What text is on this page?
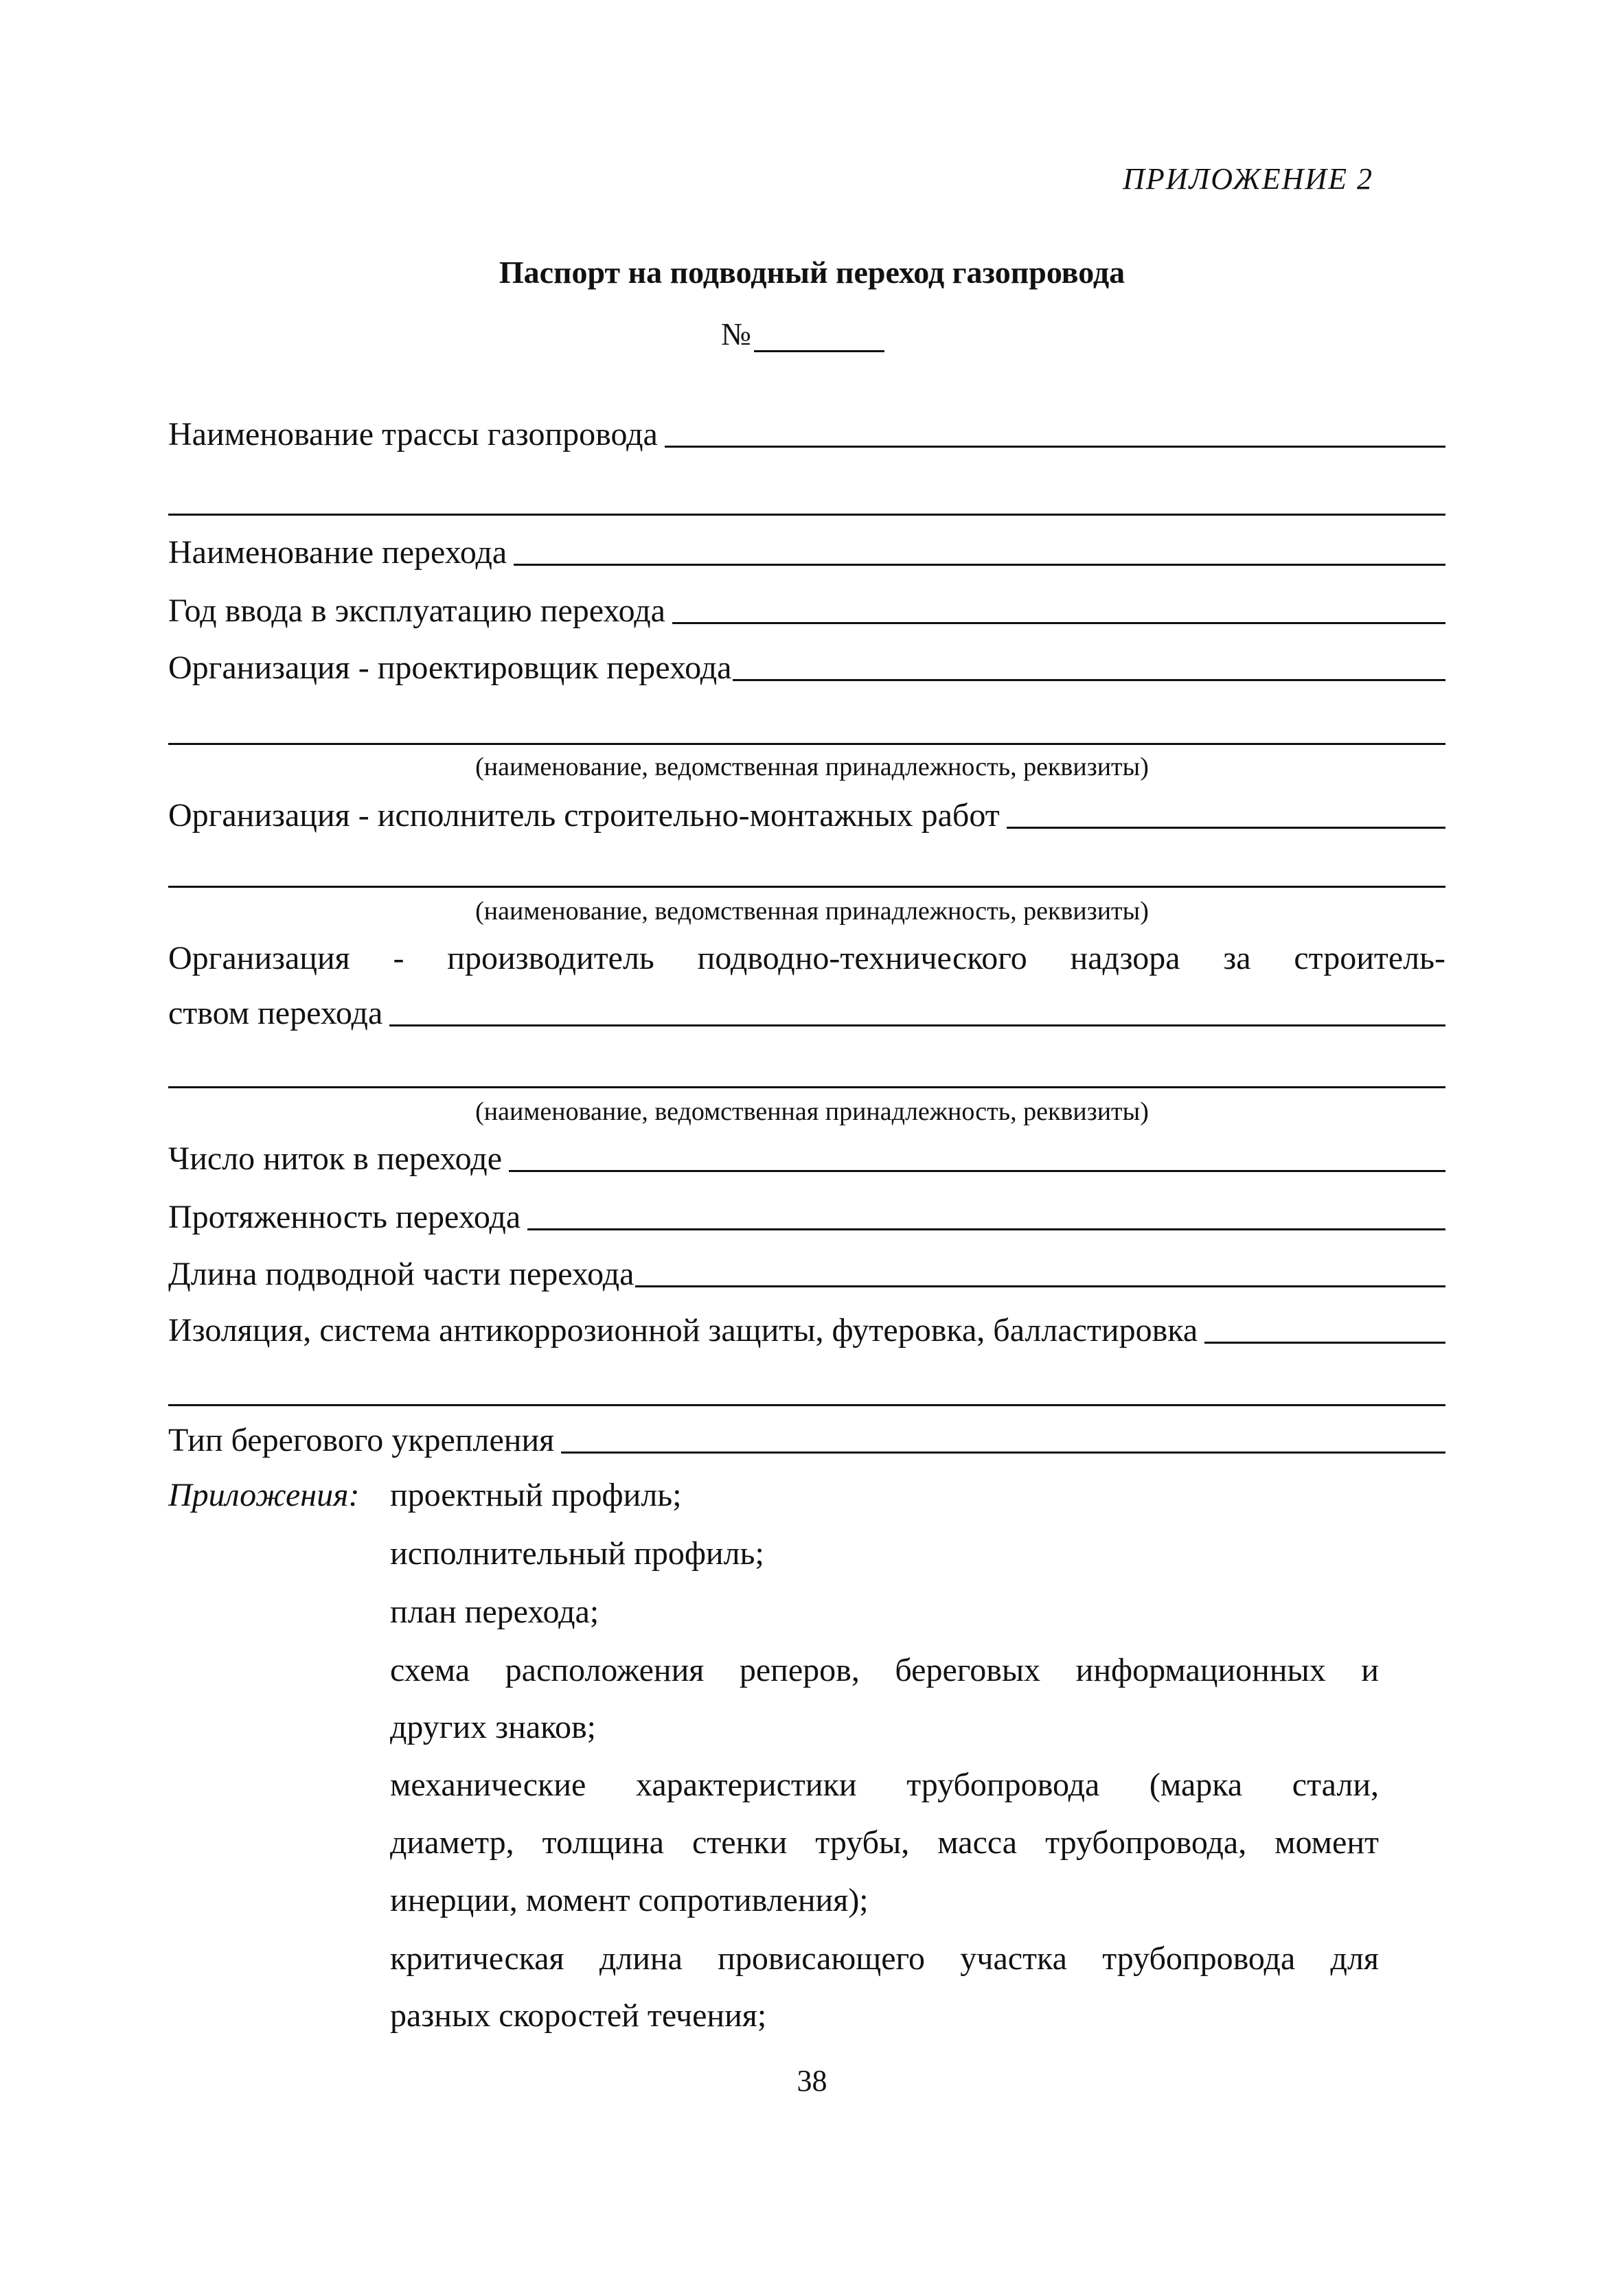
ПРИЛОЖЕНИЕ 2
Паспорт на подводный переход газопровода
№
Наименование трассы газопровода
Наименование перехода
Год ввода в эксплуатацию перехода
Организация - проектировщик перехода
(наименование, ведомственная принадлежность, реквизиты)
Организация - исполнитель строительно-монтажных работ
(наименование, ведомственная принадлежность, реквизиты)
Организация - производитель подводно-технического надзора за строитель-
ством перехода
(наименование, ведомственная принадлежность, реквизиты)
Число ниток в переходе
Протяженность перехода
Длина подводной части перехода
Изоляция, система антикоррозионной защиты, футеровка, балластировка
Тип берегового укрепления
Приложения: проектный профиль;
исполнительный профиль;
план перехода;
схема расположения реперов, береговых информационных и
других знаков;
механические характеристики трубопровода (марка стали,
диаметр, толщина стенки трубы, масса трубопровода, момент
инерции, момент сопротивления);
критическая длина провисающего участка трубопровода для
разных скоростей течения;
38
